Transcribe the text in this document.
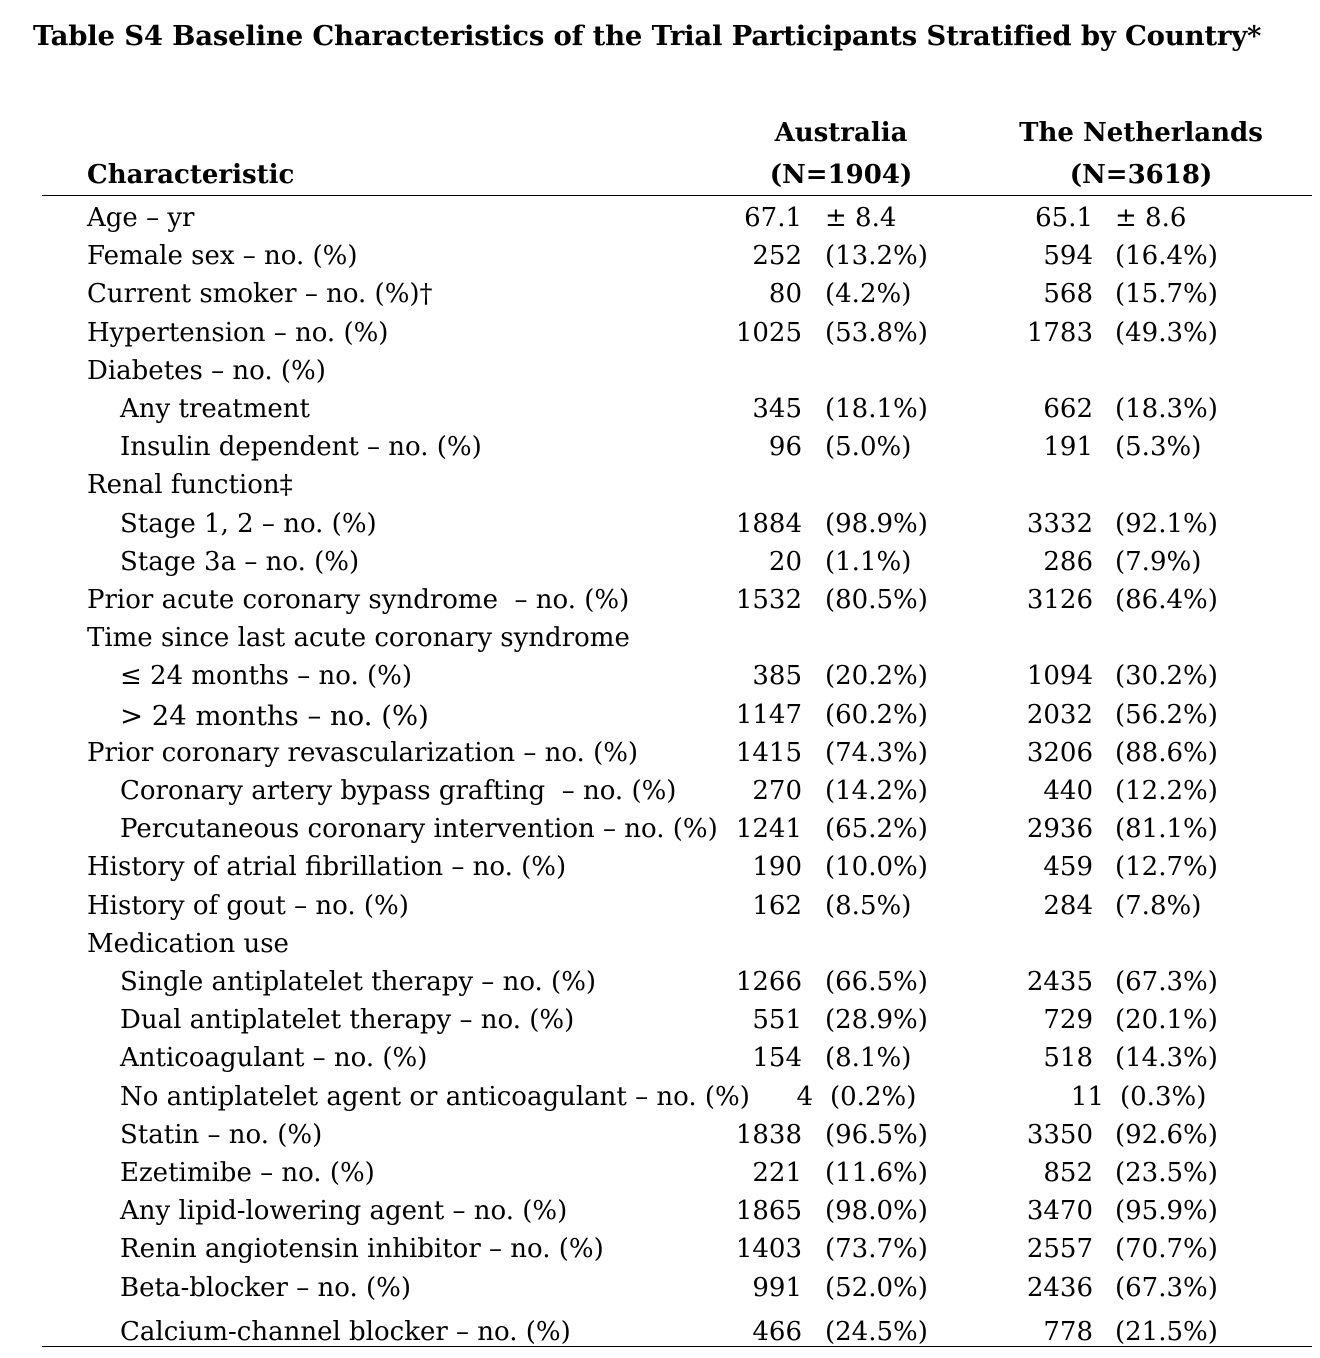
Table S4 Baseline Characteristics of the Trial Participants Stratified by Country*
Characteristic
Australia
(N=1904)
The Netherlands
(N=3618)
Age – yr	67.1 ± 8.4	65.1 ± 8.6
Female sex – no. (%)	252 (13.2%)	594 (16.4%)
Current smoker – no. (%)†	80 (4.2%)	568 (15.7%)
Hypertension – no. (%)	1025 (53.8%)	1783 (49.3%)
Diabetes – no. (%)
Any treatment	345 (18.1%)	662 (18.3%)
Insulin dependent – no. (%)	96 (5.0%)	191 (5.3%)
Renal function‡
Stage 1, 2 – no. (%)	1884 (98.9%)	3332 (92.1%)
Stage 3a – no. (%)	20 (1.1%)	286 (7.9%)
Prior acute coronary syndrome  – no. (%)	1532 (80.5%)	3126 (86.4%)
Time since last acute coronary syndrome
≤ 24 months – no. (%)	385 (20.2%)	1094 (30.2%)
> 24 months – no. (%)	1147 (60.2%)	2032 (56.2%)
Prior coronary revascularization – no. (%)	1415 (74.3%)	3206 (88.6%)
Coronary artery bypass grafting  – no. (%)	270 (14.2%)	440 (12.2%)
Percutaneous coronary intervention – no. (%) 1241 (65.2%)	2936 (81.1%)
History of atrial fibrillation – no. (%)	190 (10.0%)	459 (12.7%)
History of gout – no. (%)	162 (8.5%)	284 (7.8%)
Medication use
Single antiplatelet therapy – no. (%)	1266 (66.5%)	2435 (67.3%)
Dual antiplatelet therapy – no. (%)	551 (28.9%)	729 (20.1%)
Anticoagulant – no. (%)	154 (8.1%)	518 (14.3%)
No antiplatelet agent or anticoagulant – no. (%) 4 (0.2%)	11 (0.3%)
Statin – no. (%)	1838 (96.5%)	3350 (92.6%)
Ezetimibe – no. (%)	221 (11.6%)	852 (23.5%)
Any lipid-lowering agent – no. (%)	1865 (98.0%)	3470 (95.9%)
Renin angiotensin inhibitor – no. (%)	1403 (73.7%)	2557 (70.7%)
Beta-blocker – no. (%)	991 (52.0%)	2436 (67.3%)
Calcium-channel blocker – no. (%)	466 (24.5%)	778 (21.5%)
